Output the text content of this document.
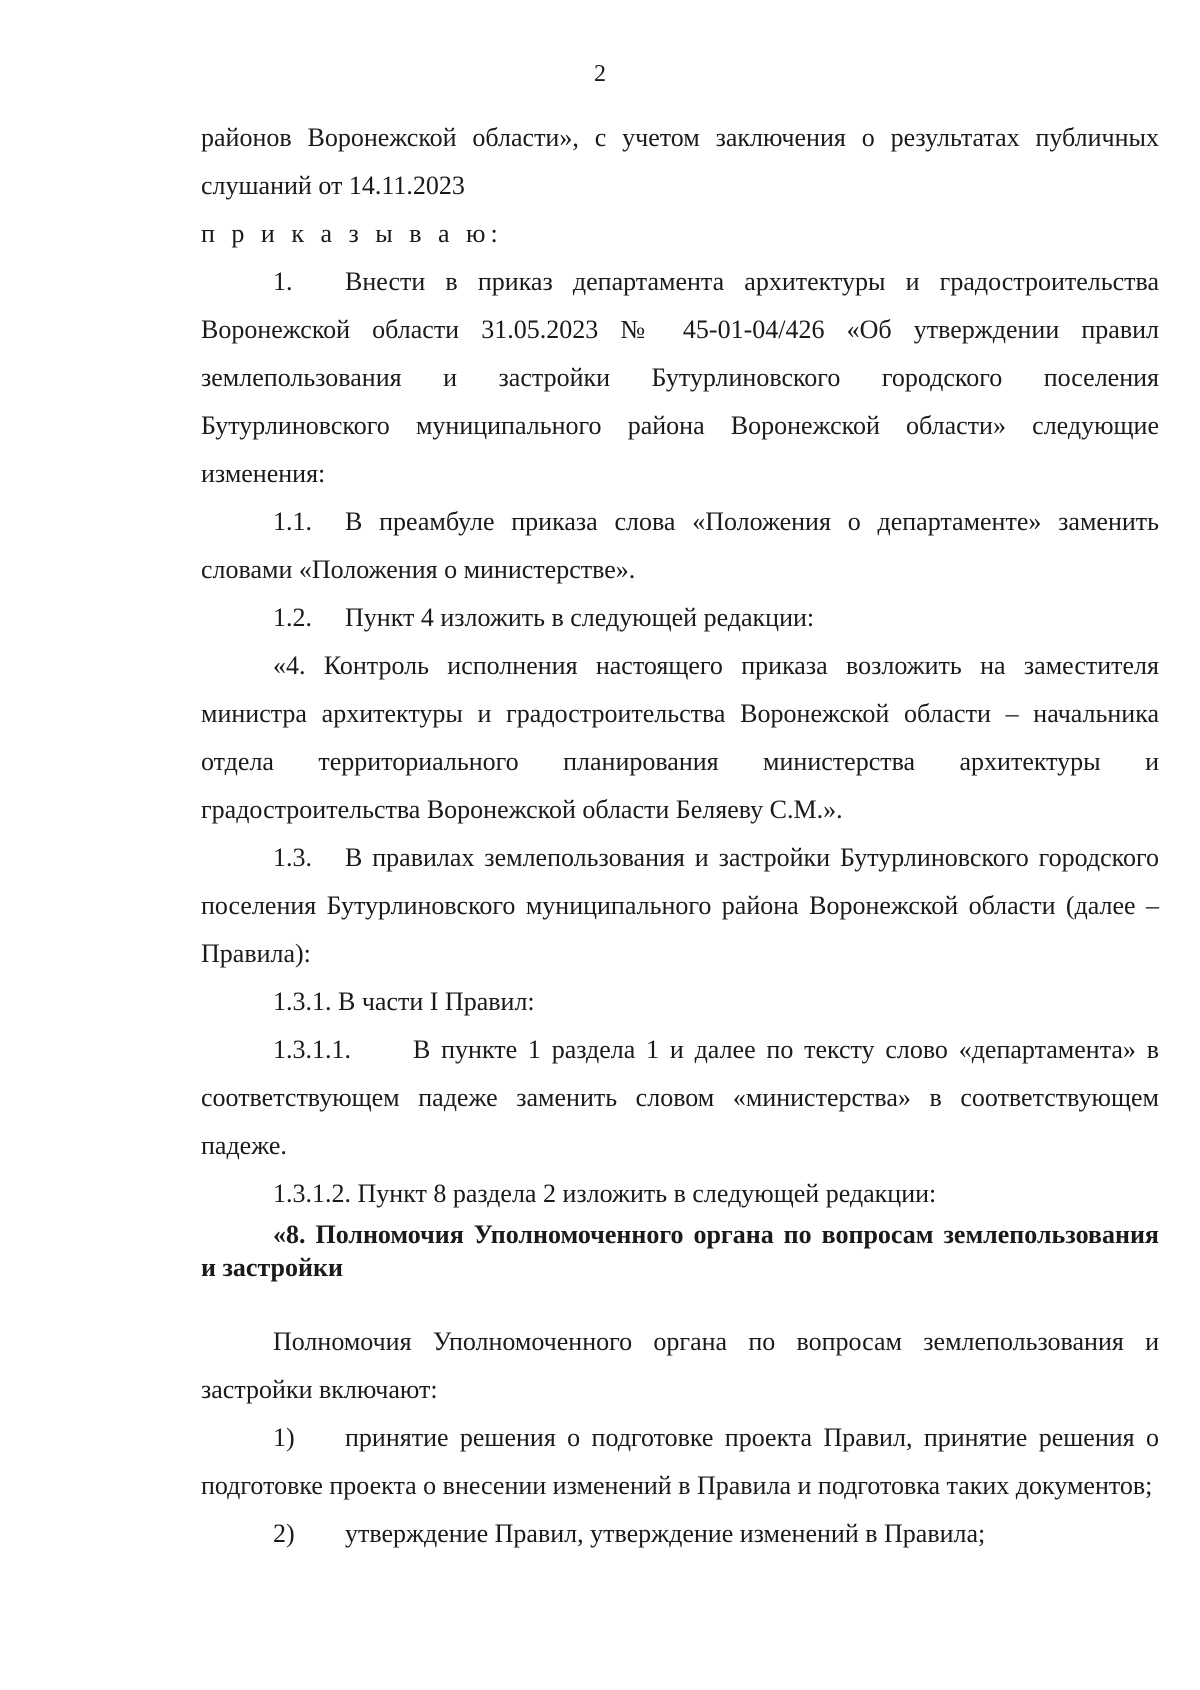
2

районов Воронежской области», с учетом заключения о результатах публичных слушаний от 14.11.2023

п р и к а з ы в а ю:

1. Внести в приказ департамента архитектуры и градостроительства Воронежской области 31.05.2023 № 45-01-04/426 «Об утверждении правил землепользования и застройки Бутурлиновского городского поселения Бутурлиновского муниципального района Воронежской области» следующие изменения:

1.1. В преамбуле приказа слова «Положения о департаменте» заменить словами «Положения о министерстве».

1.2. Пункт 4 изложить в следующей редакции:

«4. Контроль исполнения настоящего приказа возложить на заместителя министра архитектуры и градостроительства Воронежской области – начальника отдела территориального планирования министерства архитектуры и градостроительства Воронежской области Беляеву С.М.».

1.3. В правилах землепользования и застройки Бутурлиновского городского поселения Бутурлиновского муниципального района Воронежской области (далее – Правила):

1.3.1. В части I Правил:

1.3.1.1. В пункте 1 раздела 1 и далее по тексту слово «департамента» в соответствующем падеже заменить словом «министерства» в соответствующем падеже.

1.3.1.2. Пункт 8 раздела 2 изложить в следующей редакции:

«8. Полномочия Уполномоченного органа по вопросам землепользования и застройки

Полномочия Уполномоченного органа по вопросам землепользования и застройки включают:

1) принятие решения о подготовке проекта Правил, принятие решения о подготовке проекта о внесении изменений в Правила и подготовка таких документов;

2) утверждение Правил, утверждение изменений в Правила;
